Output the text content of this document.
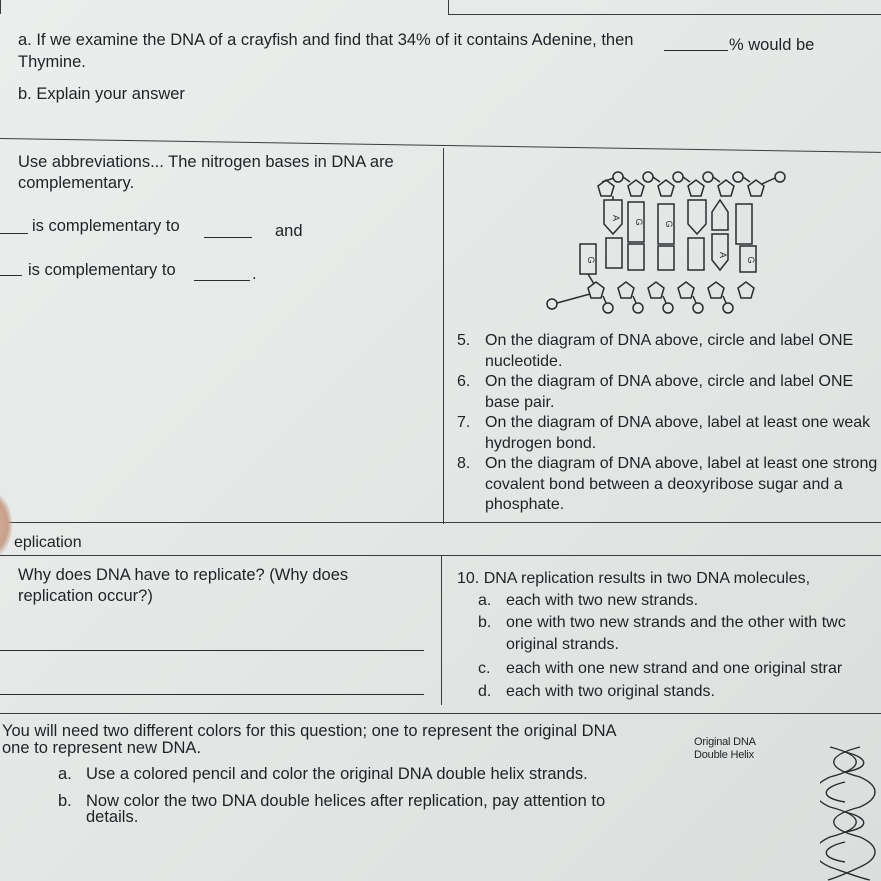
a. If we examine the DNA of a crayfish and find that 34% of it contains Adenine, then	% would be
Thymine.
b. Explain your answer
Use abbreviations... The nitrogen bases in DNA are
complementary.
is complementary to	and
is complementary to	.
A
G G
A
G	G
5. On the diagram of DNA above, circle and label ONE nucleotide.
6. On the diagram of DNA above, circle and label ONE base pair.
7. On the diagram of DNA above, label at least one weak hydrogen bond.
8. On the diagram of DNA above, label at least one strong covalent bond between a deoxyribose sugar and a phosphate.
eplication
Why does DNA have to replicate? (Why does
replication occur?)
10. DNA replication results in two DNA molecules,
a. each with two new strands.
b. one with two new strands and the other with twc
original strands.
c. each with one new strand and one original strar
d. each with two original stands.
You will need two different colors for this question; one to represent the original DNA
one to represent new DNA.
a. Use a colored pencil and color the original DNA double helix strands.
b. Now color the two DNA double helices after replication, pay attention to
details.
Original DNA
Double Helix
